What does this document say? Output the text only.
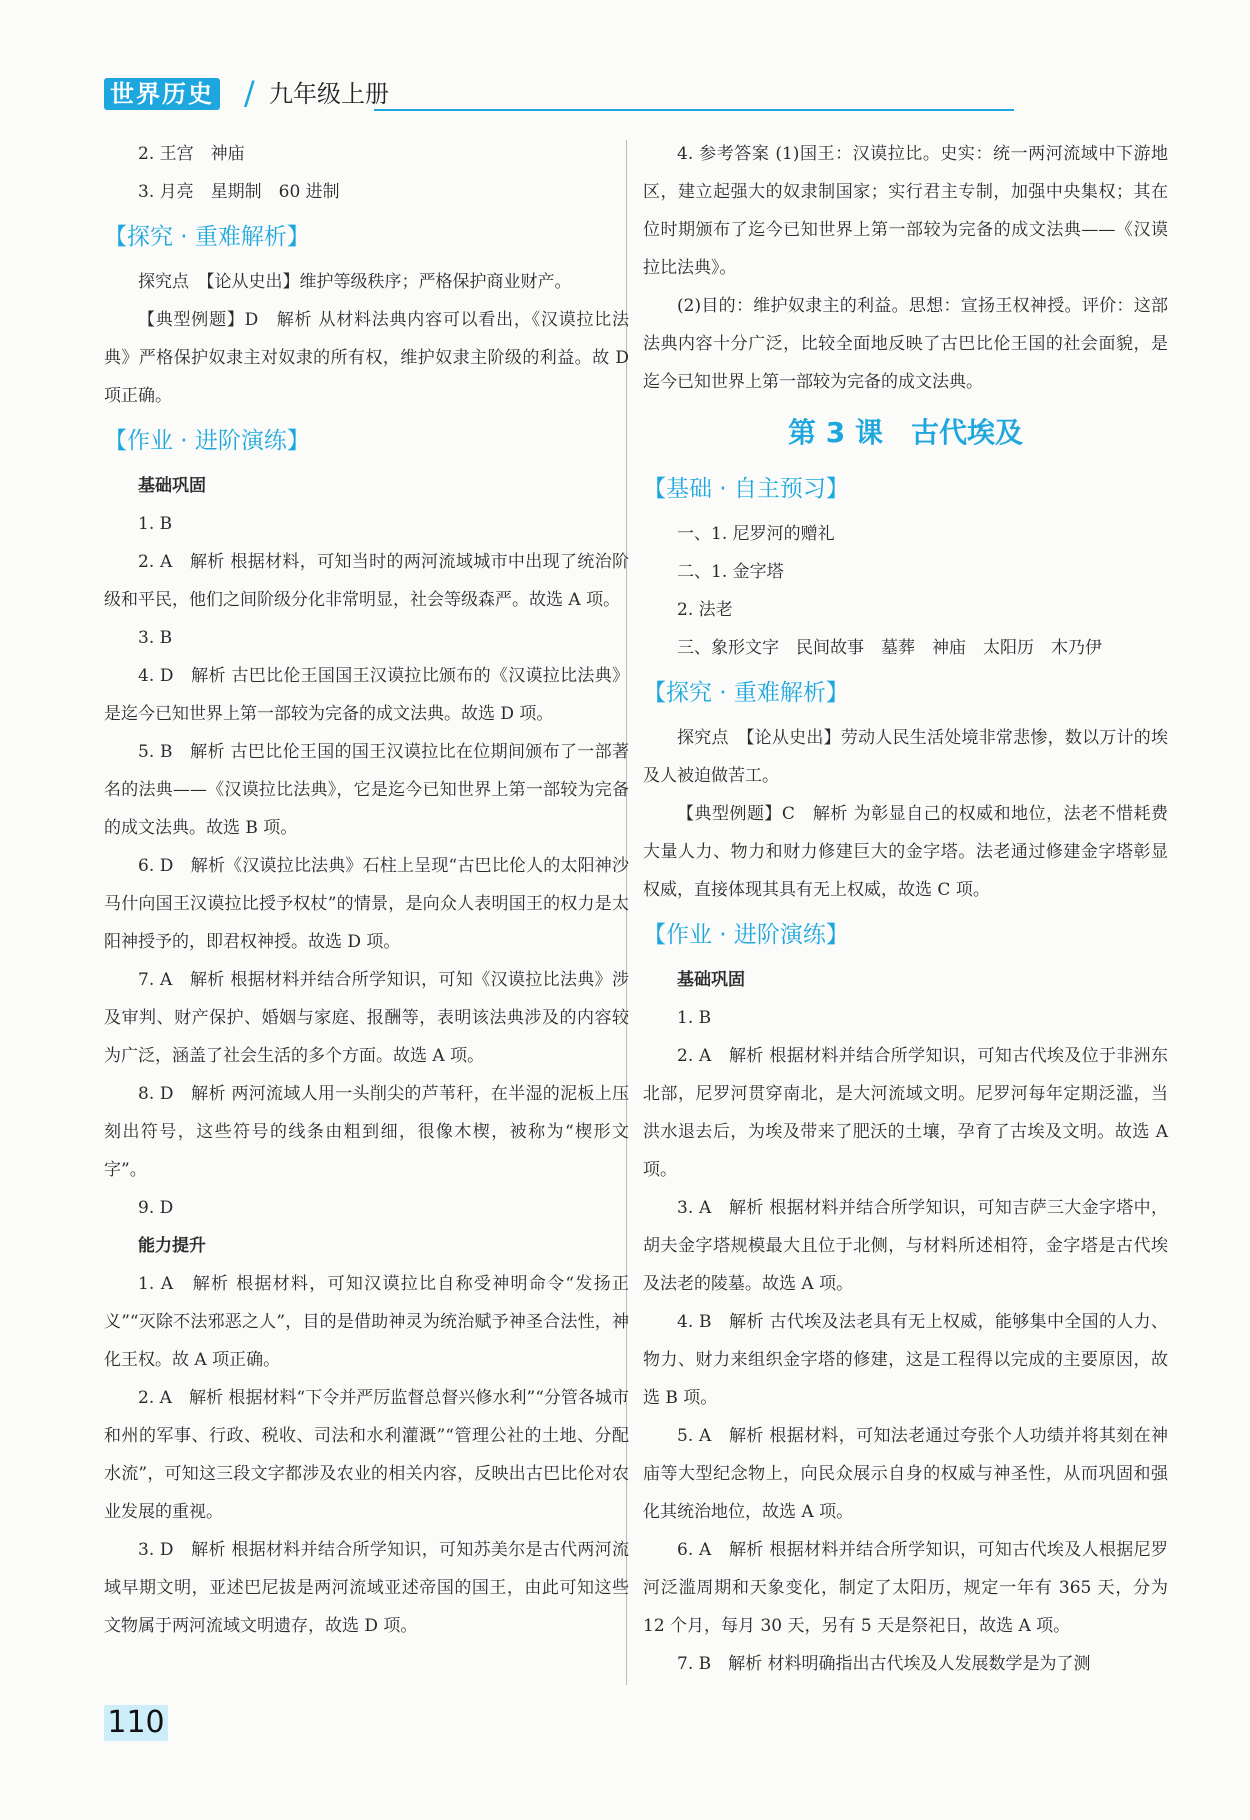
世界历史 / 九年级上册

2. 王宫　神庙

3. 月亮　星期制　60 进制

【探究 · 重难解析】

探究点　【论从史出】维护等级秩序；严格保护商业财产。

【典型例题】D　解析 从材料法典内容可以看出，《汉谟拉比法典》严格保护奴隶主对奴隶的所有权，维护奴隶主阶级的利益。故 D 项正确。

【作业 · 进阶演练】
基础巩固

1. B

2. A　解析 根据材料，可知当时的两河流域城市中出现了统治阶级和平民，他们之间阶级分化非常明显，社会等级森严。故选 A 项。

3. B

4. D　解析 古巴比伦王国国王汉谟拉比颁布的《汉谟拉比法典》是迄今已知世界上第一部较为完备的成文法典。故选 D 项。

5. B　解析 古巴比伦王国的国王汉谟拉比在位期间颁布了一部著名的法典——《汉谟拉比法典》，它是迄今已知世界上第一部较为完备的成文法典。故选 B 项。

6. D　解析《汉谟拉比法典》石柱上呈现“古巴比伦人的太阳神沙马什向国王汉谟拉比授予权杖”的情景，是向众人表明国王的权力是太阳神授予的，即君权神授。故选 D 项。

7. A　解析 根据材料并结合所学知识，可知《汉谟拉比法典》涉及审判、财产保护、婚姻与家庭、报酬等，表明该法典涉及的内容较为广泛，涵盖了社会生活的多个方面。故选 A 项。

8. D　解析 两河流域人用一头削尖的芦苇秆，在半湿的泥板上压刻出符号，这些符号的线条由粗到细，很像木楔，被称为“楔形文字”。

9. D

能力提升

1. A　解析 根据材料，可知汉谟拉比自称受神明命令“发扬正义”“灭除不法邪恶之人”，目的是借助神灵为统治赋予神圣合法性，神化王权。故 A 项正确。

2. A　解析 根据材料“下令并严厉监督总督兴修水利”“分管各城市和州的军事、行政、税收、司法和水利灌溉”“管理公社的土地、分配水流”，可知这三段文字都涉及农业的相关内容，反映出古巴比伦对农业发展的重视。

3. D　解析 根据材料并结合所学知识，可知苏美尔是古代两河流域早期文明，亚述巴尼拔是两河流域亚述帝国的国王，由此可知这些文物属于两河流域文明遗存，故选 D 项。

4. 参考答案 (1)国王：汉谟拉比。史实：统一两河流域中下游地区，建立起强大的奴隶制国家；实行君主专制，加强中央集权；其在位时期颁布了迄今已知世界上第一部较为完备的成文法典——《汉谟拉比法典》。

(2)目的：维护奴隶主的利益。思想：宣扬王权神授。评价：这部法典内容十分广泛，比较全面地反映了古巴比伦王国的社会面貌，是迄今已知世界上第一部较为完备的成文法典。

第 3 课　古代埃及
【基础 · 自主预习】

一、1. 尼罗河的赠礼

二、1. 金字塔

2. 法老

三、象形文字　民间故事　墓葬　神庙　太阳历　木乃伊

【探究 · 重难解析】

探究点　【论从史出】劳动人民生活处境非常悲惨，数以万计的埃及人被迫做苦工。

【典型例题】C　解析 为彰显自己的权威和地位，法老不惜耗费大量人力、物力和财力修建巨大的金字塔。法老通过修建金字塔彰显权威，直接体现其具有无上权威，故选 C 项。

【作业 · 进阶演练】
基础巩固

1. B

2. A　解析 根据材料并结合所学知识，可知古代埃及位于非洲东北部，尼罗河贯穿南北，是大河流域文明。尼罗河每年定期泛滥，当洪水退去后，为埃及带来了肥沃的土壤，孕育了古埃及文明。故选 A 项。

3. A　解析 根据材料并结合所学知识，可知吉萨三大金字塔中，胡夫金字塔规模最大且位于北侧，与材料所述相符，金字塔是古代埃及法老的陵墓。故选 A 项。

4. B　解析 古代埃及法老具有无上权威，能够集中全国的人力、物力、财力来组织金字塔的修建，这是工程得以完成的主要原因，故选 B 项。

5. A　解析 根据材料，可知法老通过夸张个人功绩并将其刻在神庙等大型纪念物上，向民众展示自身的权威与神圣性，从而巩固和强化其统治地位，故选 A 项。

6. A　解析 根据材料并结合所学知识，可知古代埃及人根据尼罗河泛滥周期和天象变化，制定了太阳历，规定一年有 365 天，分为 12 个月，每月 30 天，另有 5 天是祭祀日，故选 A 项。

7. B　解析 材料明确指出古代埃及人发展数学是为了测

110
